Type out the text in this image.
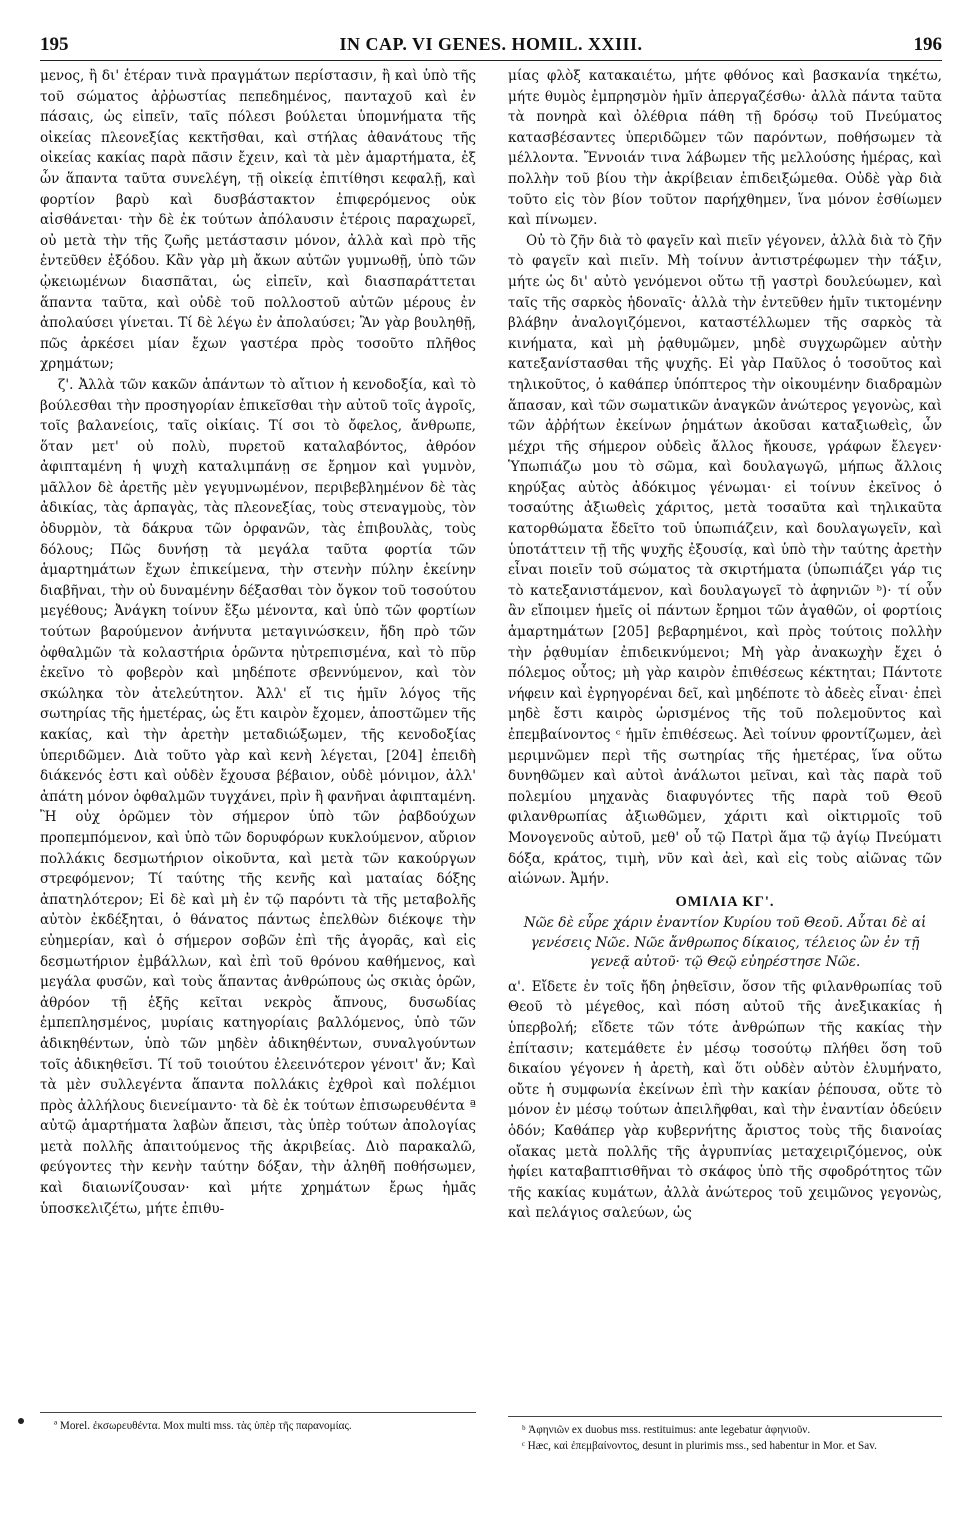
195	IN CAP. VI GENES. HOMIL. XXIII.	196

μενος, ἢ δι' ἑτέραν τινὰ πραγμάτων περίστασιν, ἢ καὶ ὑπὸ τῆς τοῦ σώματος ἀῤῥωστίας πεπεδημένος, πανταχοῦ καὶ ἐν πάσαις, ὡς εἰπεῖν, ταῖς πόλεσι βούλεται ὑπομνήματα τῆς οἰκείας πλεονεξίας κεκτῆσθαι, καὶ στήλας ἀθανάτους τῆς οἰκείας κακίας παρὰ πᾶσιν ἔχειν, καὶ τὰ μὲν ἁμαρτήματα, ἐξ ὧν ἅπαντα ταῦτα συνελέγη, τῇ οἰκείᾳ ἐπιτίθησι κεφαλῇ, καὶ φορτίον βαρὺ καὶ δυσβάστακτον ἐπιφερόμενος οὐκ αἰσθάνεται· τὴν δὲ ἐκ τούτων ἀπόλαυσιν ἑτέροις παραχωρεῖ, οὐ μετὰ τὴν τῆς ζωῆς μετάστασιν μόνον, ἀλλὰ καὶ πρὸ τῆς ἐντεῦθεν ἐξόδου. Κἂν γὰρ μὴ ἄκων αὐτῶν γυμνωθῇ, ὑπὸ τῶν ᾠκειωμένων διασπᾶται, ὡς εἰπεῖν, καὶ διασπαράττεται ἅπαντα ταῦτα, καὶ οὐδὲ τοῦ πολλοστοῦ αὐτῶν μέρους ἐν ἀπολαύσει γίνεται. Τί δὲ λέγω ἐν ἀπολαύσει; Ἂν γὰρ βουληθῇ, πῶς ἀρκέσει μίαν ἔχων γαστέρα πρὸς τοσοῦτο πλῆθος χρημάτων;

ζ'. Ἀλλὰ τῶν κακῶν ἁπάντων τὸ αἴτιον ἡ κενοδοξία, καὶ τὸ βούλεσθαι τὴν προσηγορίαν ἐπικεῖσθαι τὴν αὐτοῦ τοῖς ἀγροῖς, τοῖς βαλανείοις, ταῖς οἰκίαις. Τί σοι τὸ ὄφελος, ἄνθρωπε, ὅταν μετ' οὐ πολὺ, πυρετοῦ καταλαβόντος, ἀθρόον ἀφιπταμένη ἡ ψυχὴ καταλιμπάνῃ σε ἔρημον καὶ γυμνὸν, μᾶλλον δὲ ἀρετῆς μὲν γεγυμνωμένον, περιβεβλημένον δὲ τὰς ἀδικίας, τὰς ἁρπαγὰς, τὰς πλεονεξίας, τοὺς στεναγμοὺς, τὸν ὀδυρμὸν, τὰ δάκρυα τῶν ὀρφανῶν, τὰς ἐπιβουλὰς, τοὺς δόλους; Πῶς δυνήσῃ τὰ μεγάλα ταῦτα φορτία τῶν ἁμαρτημάτων ἔχων ἐπικείμενα, τὴν στενὴν πύλην ἐκείνην διαβῆναι, τὴν οὐ δυναμένην δέξασθαι τὸν ὄγκον τοῦ τοσούτου μεγέθους; Ἀνάγκη τοίνυν ἔξω μένοντα, καὶ ὑπὸ τῶν φορτίων τούτων βαρούμενον ἀνήνυτα μεταγινώσκειν, ἤδη πρὸ τῶν ὀφθαλμῶν τὰ κολαστήρια ὁρῶντα ηὐτρεπισμένα, καὶ τὸ πῦρ ἐκεῖνο τὸ φοβερὸν καὶ μηδέποτε σβεννύμενον, καὶ τὸν σκώληκα τὸν ἀτελεύτητον. Ἀλλ' εἴ τις ἡμῖν λόγος τῆς σωτηρίας τῆς ἡμετέρας, ὡς ἔτι καιρὸν ἔχομεν, ἀποστῶμεν τῆς κακίας, καὶ τὴν ἀρετὴν μεταδιώξωμεν, τῆς κενοδοξίας ὑπεριδῶμεν. Διὰ τοῦτο γὰρ καὶ κενὴ λέγεται, [204] ἐπειδὴ διάκενός ἐστι καὶ οὐδὲν ἔχουσα βέβαιον, οὐδὲ μόνιμον, ἀλλ' ἀπάτη μόνον ὀφθαλμῶν τυγχάνει, πρὶν ἢ φανῆναι ἀφιπταμένη. Ἢ οὐχ ὁρῶμεν τὸν σήμερον ὑπὸ τῶν ῥαβδούχων προπεμπόμενον, καὶ ὑπὸ τῶν δορυφόρων κυκλούμενον, αὔριον πολλάκις δεσμωτήριον οἰκοῦντα, καὶ μετὰ τῶν κακούργων στρεφόμενον; Τί ταύτης τῆς κενῆς καὶ ματαίας δόξης ἀπατηλότερον; Εἰ δὲ καὶ μὴ ἐν τῷ παρόντι τὰ τῆς μεταβολῆς αὐτὸν ἐκδέξηται, ὁ θάνατος πάντως ἐπελθὼν διέκοψε τὴν εὐημερίαν, καὶ ὁ σήμερον σοβῶν ἐπὶ τῆς ἀγορᾶς, καὶ εἰς δεσμωτήριον ἐμβάλλων, καὶ ἐπὶ τοῦ θρόνου καθήμενος, καὶ μεγάλα φυσῶν, καὶ τοὺς ἅπαντας ἀνθρώπους ὡς σκιὰς ὁρῶν, ἀθρόον τῇ ἑξῆς κεῖται νεκρὸς ἄπνους, δυσωδίας ἐμπεπλησμένος, μυρίαις κατηγορίαις βαλλόμενος, ὑπὸ τῶν ἀδικηθέντων, ὑπὸ τῶν μηδὲν ἀδικηθέντων, συναλγούντων τοῖς ἀδικηθεῖσι. Τί τοῦ τοιούτου ἐλεεινότερον γένοιτ' ἄν; Καὶ τὰ μὲν συλλεγέντα ἅπαντα πολλάκις ἐχθροὶ καὶ πολέμιοι πρὸς ἀλλήλους διενείμαντο· τὰ δὲ ἐκ τούτων ἐπισωρευθέντα ª αὐτῷ ἁμαρτήματα λαβὼν ἄπεισι, τὰς ὑπὲρ τούτων ἀπολογίας μετὰ πολλῆς ἀπαιτούμενος τῆς ἀκριβείας. Διὸ παρακαλῶ, φεύγοντες τὴν κενὴν ταύτην δόξαν, τὴν ἀληθῆ ποθήσωμεν, καὶ διαιωνίζουσαν· καὶ μήτε χρημάτων ἔρως ἡμᾶς ὑποσκελιζέτω, μήτε ἐπιθυ-

μίας φλὸξ κατακαιέτω, μήτε φθόνος καὶ βασκανία τηκέτω, μήτε θυμὸς ἐμπρησμὸν ἡμῖν ἀπεργαζέσθω· ἀλλὰ πάντα ταῦτα τὰ πονηρὰ καὶ ὀλέθρια πάθη τῇ δρόσῳ τοῦ Πνεύματος κατασβέσαντες ὑπεριδῶμεν τῶν παρόντων, ποθήσωμεν τὰ μέλλοντα. Ἔννοιάν τινα λάβωμεν τῆς μελλούσης ἡμέρας, καὶ πολλὴν τοῦ βίου τὴν ἀκρίβειαν ἐπιδειξώμεθα. Οὐδὲ γὰρ διὰ τοῦτο εἰς τὸν βίον τοῦτον παρήχθημεν, ἵνα μόνον ἐσθίωμεν καὶ πίνωμεν.

Οὐ τὸ ζῆν διὰ τὸ φαγεῖν καὶ πιεῖν γέγονεν, ἀλλὰ διὰ τὸ ζῆν τὸ φαγεῖν καὶ πιεῖν. Μὴ τοίνυν ἀντιστρέφωμεν τὴν τάξιν, μήτε ὡς δι' αὐτὸ γενόμενοι οὕτω τῇ γαστρὶ δουλεύωμεν, καὶ ταῖς τῆς σαρκὸς ἡδοναῖς· ἀλλὰ τὴν ἐντεῦθεν ἡμῖν τικτομένην βλάβην ἀναλογιζόμενοι, καταστέλλωμεν τῆς σαρκὸς τὰ κινήματα, καὶ μὴ ῥᾳθυμῶμεν, μηδὲ συγχωρῶμεν αὐτὴν κατεξανίστασθαι τῆς ψυχῆς. Εἰ γὰρ Παῦλος ὁ τοσοῦτος καὶ τηλικοῦτος, ὁ καθάπερ ὑπόπτερος τὴν οἰκουμένην διαδραμὼν ἅπασαν, καὶ τῶν σωματικῶν ἀναγκῶν ἀνώτερος γεγονὼς, καὶ τῶν ἀῤῥήτων ἐκείνων ῥημάτων ἀκοῦσαι καταξιωθεὶς, ὧν μέχρι τῆς σήμερον οὐδεὶς ἄλλος ἤκουσε, γράφων ἔλεγεν· Ὑπωπιάζω μου τὸ σῶμα, καὶ δουλαγωγῶ, μήπως ἄλλοις κηρύξας αὐτὸς ἀδόκιμος γένωμαι· εἰ τοίνυν ἐκεῖνος ὁ τοσαύτης ἀξιωθεὶς χάριτος, μετὰ τοσαῦτα καὶ τηλικαῦτα κατορθώματα ἔδεῖτο τοῦ ὑπωπιάζειν, καὶ δουλαγωγεῖν, καὶ ὑποτάττειν τῇ τῆς ψυχῆς ἐξουσίᾳ, καὶ ὑπὸ τὴν ταύτης ἀρετὴν εἶναι ποιεῖν τοῦ σώματος τὰ σκιρτήματα (ὑπωπιάζει γάρ τις τὸ κατεξανιστάμενον, καὶ δουλαγωγεῖ τὸ ἀφηνιῶν ᵇ)· τί οὖν ἂν εἴποιμεν ἡμεῖς οἱ πάντων ἔρημοι τῶν ἀγαθῶν, οἱ φορτίοις ἁμαρτημάτων [205] βεβαρημένοι, καὶ πρὸς τούτοις πολλὴν τὴν ῥᾳθυμίαν ἐπιδεικνύμενοι; Μὴ γὰρ ἀνακωχὴν ἔχει ὁ πόλεμος οὗτος; μὴ γὰρ καιρὸν ἐπιθέσεως κέκτηται; Πάντοτε νήφειν καὶ ἐγρηγορέναι δεῖ, καὶ μηδέποτε τὸ ἀδεὲς εἶναι· ἐπεὶ μηδὲ ἔστι καιρὸς ὡρισμένος τῆς τοῦ πολεμοῦντος καὶ ἐπεμβαίνοντος ᶜ ἡμῖν ἐπιθέσεως. Ἀεὶ τοίνυν φροντίζωμεν, ἀεὶ μεριμνῶμεν περὶ τῆς σωτηρίας τῆς ἡμετέρας, ἵνα οὕτω δυνηθῶμεν καὶ αὐτοὶ ἀνάλωτοι μεῖναι, καὶ τὰς παρὰ τοῦ πολεμίου μηχανὰς διαφυγόντες τῆς παρὰ τοῦ Θεοῦ φιλανθρωπίας ἀξιωθῶμεν, χάριτι καὶ οἰκτιρμοῖς τοῦ Μονογενοῦς αὐτοῦ, μεθ' οὗ τῷ Πατρὶ ἅμα τῷ ἁγίῳ Πνεύματι δόξα, κράτος, τιμὴ, νῦν καὶ ἀεὶ, καὶ εἰς τοὺς αἰῶνας τῶν αἰώνων. Ἀμήν.

ΟΜΙΛΙΑ ΚΓ'.
Νῶε δὲ εὗρε χάριν ἐναντίον Κυρίου τοῦ Θεοῦ. Αὗται δὲ αἱ γενέσεις Νῶε. Νῶε ἄνθρωπος δίκαιος, τέλειος ὢν ἐν τῇ γενεᾷ αὐτοῦ· τῷ Θεῷ εὐηρέστησε Νῶε.

α'. Εἴδετε ἐν τοῖς ἤδη ῥηθεῖσιν, ὅσον τῆς φιλανθρωπίας τοῦ Θεοῦ τὸ μέγεθος, καὶ πόση αὐτοῦ τῆς ἀνεξικακίας ἡ ὑπερβολή; εἴδετε τῶν τότε ἀνθρώπων τῆς κακίας τὴν ἐπίτασιν; κατεμάθετε ἐν μέσῳ τοσούτῳ πλήθει ὅση τοῦ δικαίου γέγονεν ἡ ἀρετὴ, καὶ ὅτι οὐδὲν αὐτὸν ἐλυμήνατο, οὔτε ἡ συμφωνία ἐκείνων ἐπὶ τὴν κακίαν ῥέπουσα, οὔτε τὸ μόνον ἐν μέσῳ τούτων ἀπειλῆφθαι, καὶ τὴν ἐναντίαν ὁδεύειν ὁδόν; Καθάπερ γὰρ κυβερνήτης ἄριστος τοὺς τῆς διανοίας οἴακας μετὰ πολλῆς τῆς ἀγρυπνίας μεταχειριζόμενος, οὐκ ἠφίει καταβαπτισθῆναι τὸ σκάφος ὑπὸ τῆς σφοδρότητος τῶν τῆς κακίας κυμάτων, ἀλλὰ ἀνώτερος τοῦ χειμῶνος γεγονὼς, καὶ πελάγιος σαλεύων, ὡς

ª Morel. ἐκσωρευθέντα. Mox multi mss. τὰς ὑπὲρ τῆς παρανομίας.	ᵇ Ἀφηνιῶν ex duobus mss. restituimus: ante legebatur ἀφηνιοῦν.

ᶜ Hæc, καὶ ἐπεμβαίνοντος, desunt in plurimis mss., sed habentur in Mor. et Sav.
